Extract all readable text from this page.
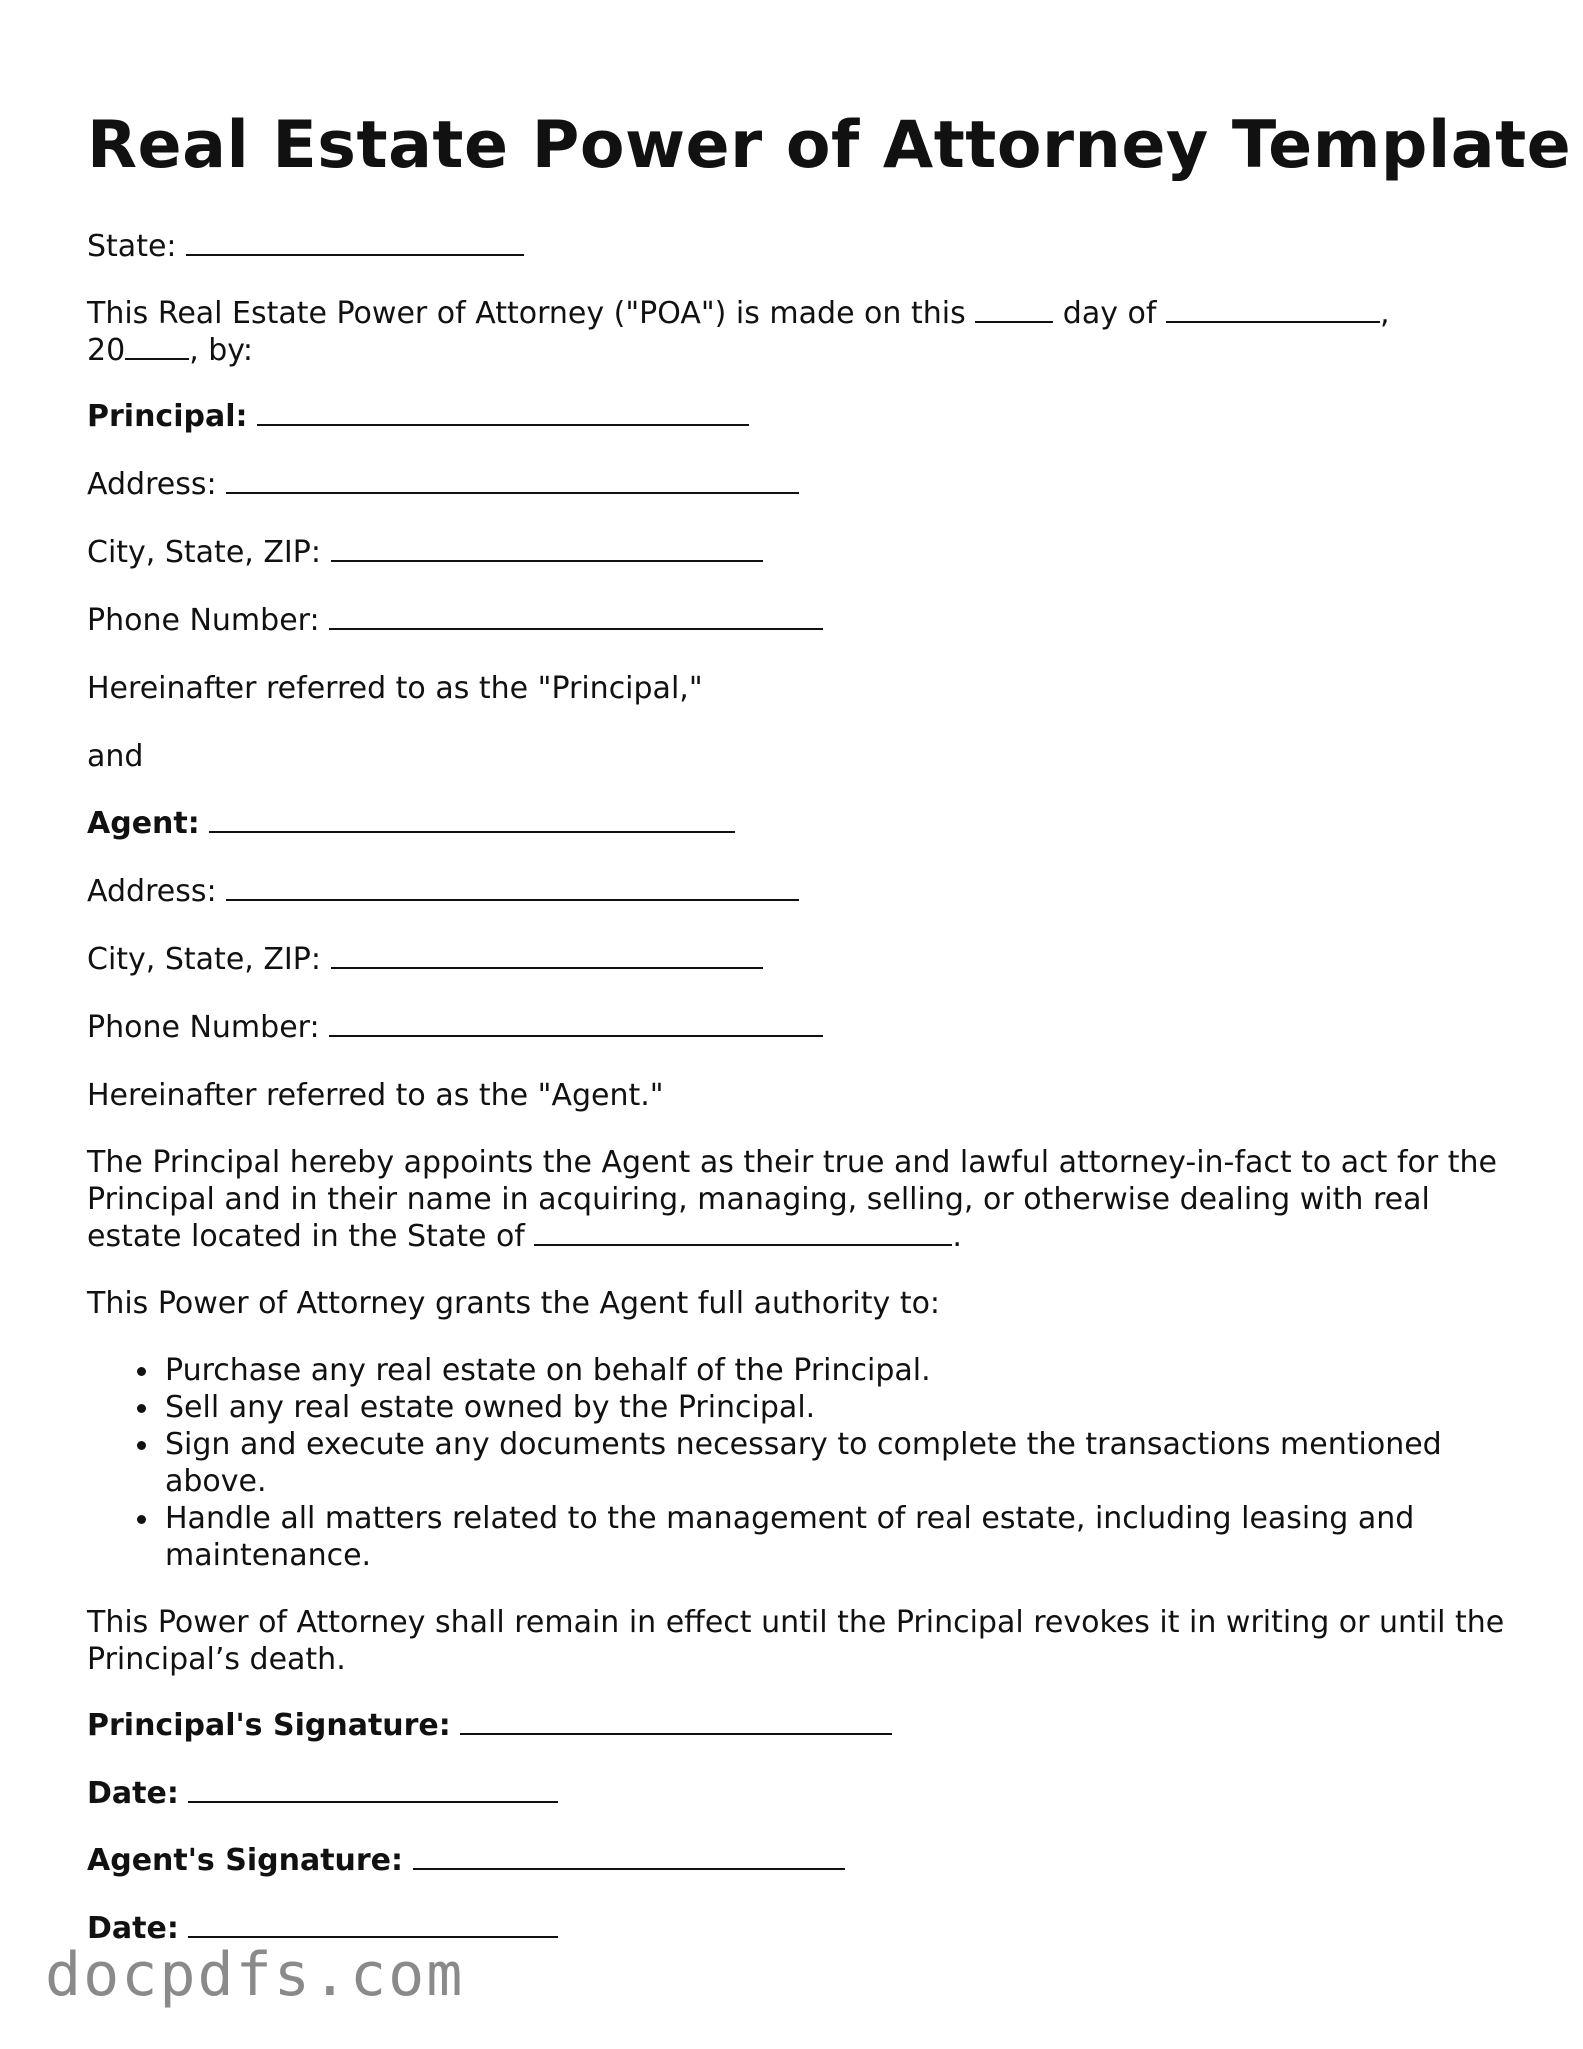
Real Estate Power of Attorney Template
State:
This Real Estate Power of Attorney ("POA") is made on this	day of	,
20 , by:
Principal:
Address:
City, State, ZIP:
Phone Number:
Hereinafter referred to as the "Principal,"
and
Agent:
Address:
City, State, ZIP:
Phone Number:
Hereinafter referred to as the "Agent."
The Principal hereby appoints the Agent as their true and lawful attorney-in-fact to act for the Principal and in their name in acquiring, managing, selling, or otherwise dealing with real estate located in the State of	.
This Power of Attorney grants the Agent full authority to:
Purchase any real estate on behalf of the Principal.
Sell any real estate owned by the Principal.
Sign and execute any documents necessary to complete the transactions mentioned above.
Handle all matters related to the management of real estate, including leasing and maintenance.
This Power of Attorney shall remain in effect until the Principal revokes it in writing or until the Principal’s death.
Principal's Signature:
Date:
Agent's Signature:
Date:
docpdfs.com
